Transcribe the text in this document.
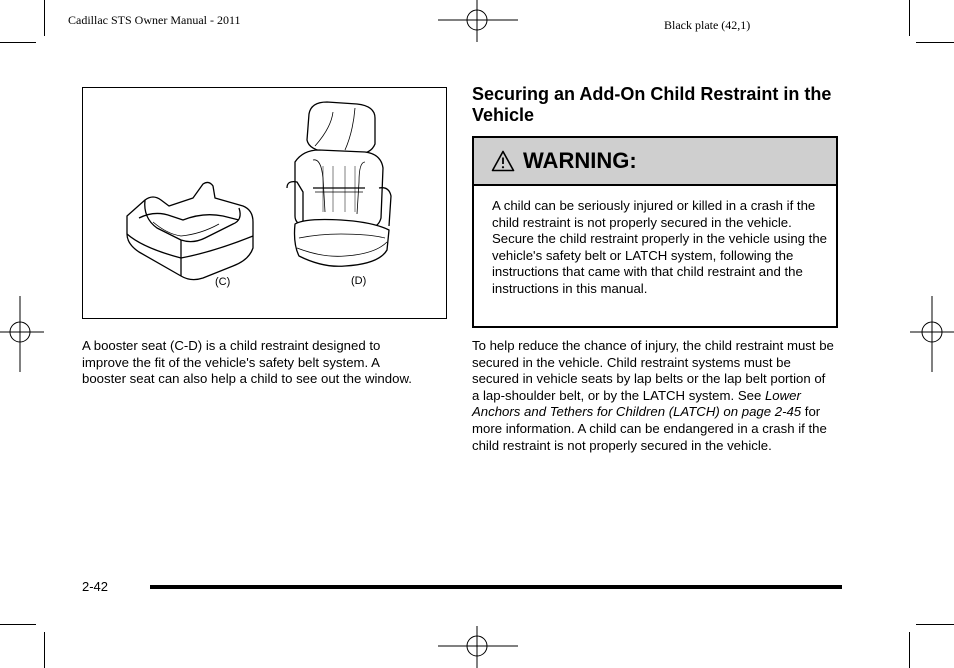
Cadillac STS Owner Manual - 2011	Black plate (42,1)
(C)	(D)
A booster seat (C-D) is a child restraint designed to improve the fit of the vehicle's safety belt system. A booster seat can also help a child to see out the window.
Securing an Add-On Child Restraint in the Vehicle
WARNING:
A child can be seriously injured or killed in a crash if the child restraint is not properly secured in the vehicle. Secure the child restraint properly in the vehicle using the vehicle's safety belt or LATCH system, following the instructions that came with that child restraint and the instructions in this manual.
To help reduce the chance of injury, the child restraint must be secured in the vehicle. Child restraint systems must be secured in vehicle seats by lap belts or the lap belt portion of a lap-shoulder belt, or by the LATCH system. See Lower Anchors and Tethers for Children (LATCH) on page 2-45 for more information. A child can be endangered in a crash if the child restraint is not properly secured in the vehicle.
2-42
